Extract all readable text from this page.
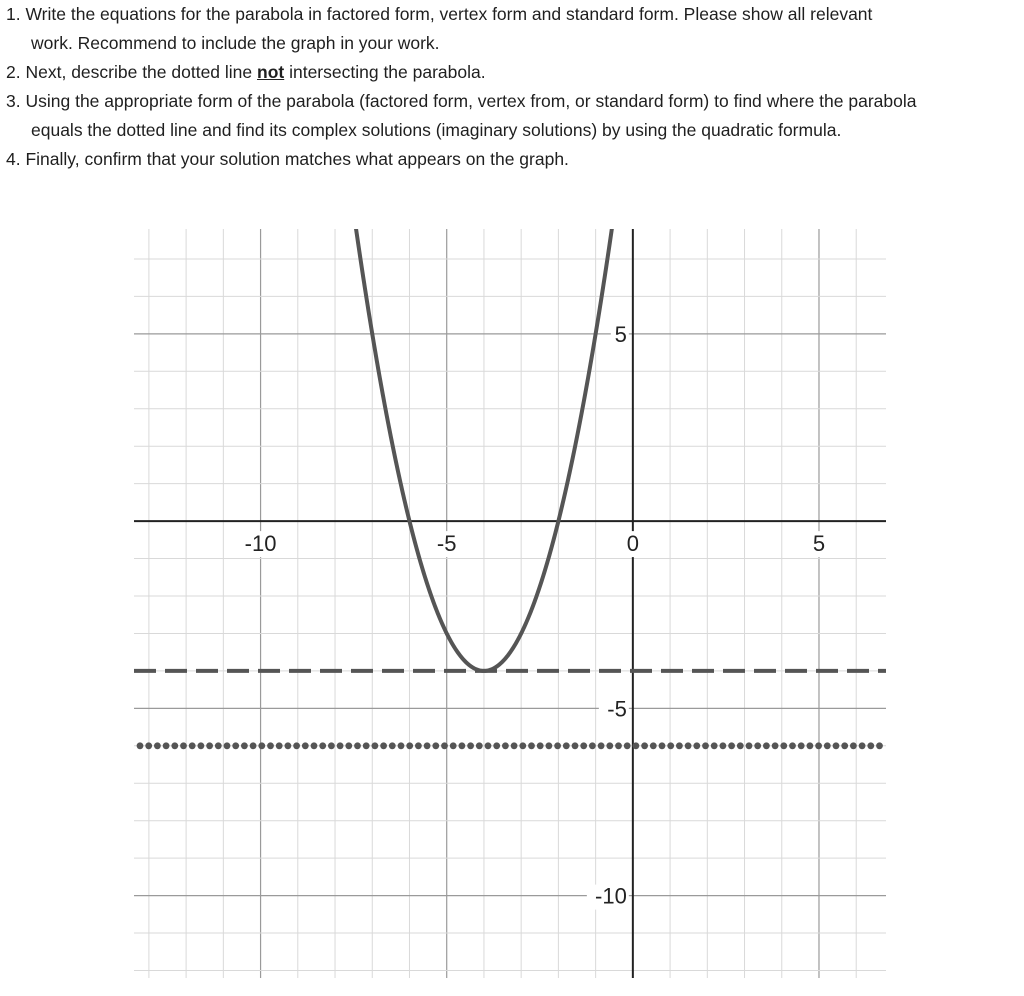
1. Write the equations for the parabola in factored form, vertex form and standard form. Please show all relevant
work. Recommend to include the graph in your work.
2. Next, describe the dotted line not intersecting the parabola.
3. Using the appropriate form of the parabola (factored form, vertex from, or standard form) to find where the parabola
equals the dotted line and find its complex solutions (imaginary solutions) by using the quadratic formula.
4. Finally, confirm that your solution matches what appears on the graph.
-10	-5	0	5
5
-5
-10
